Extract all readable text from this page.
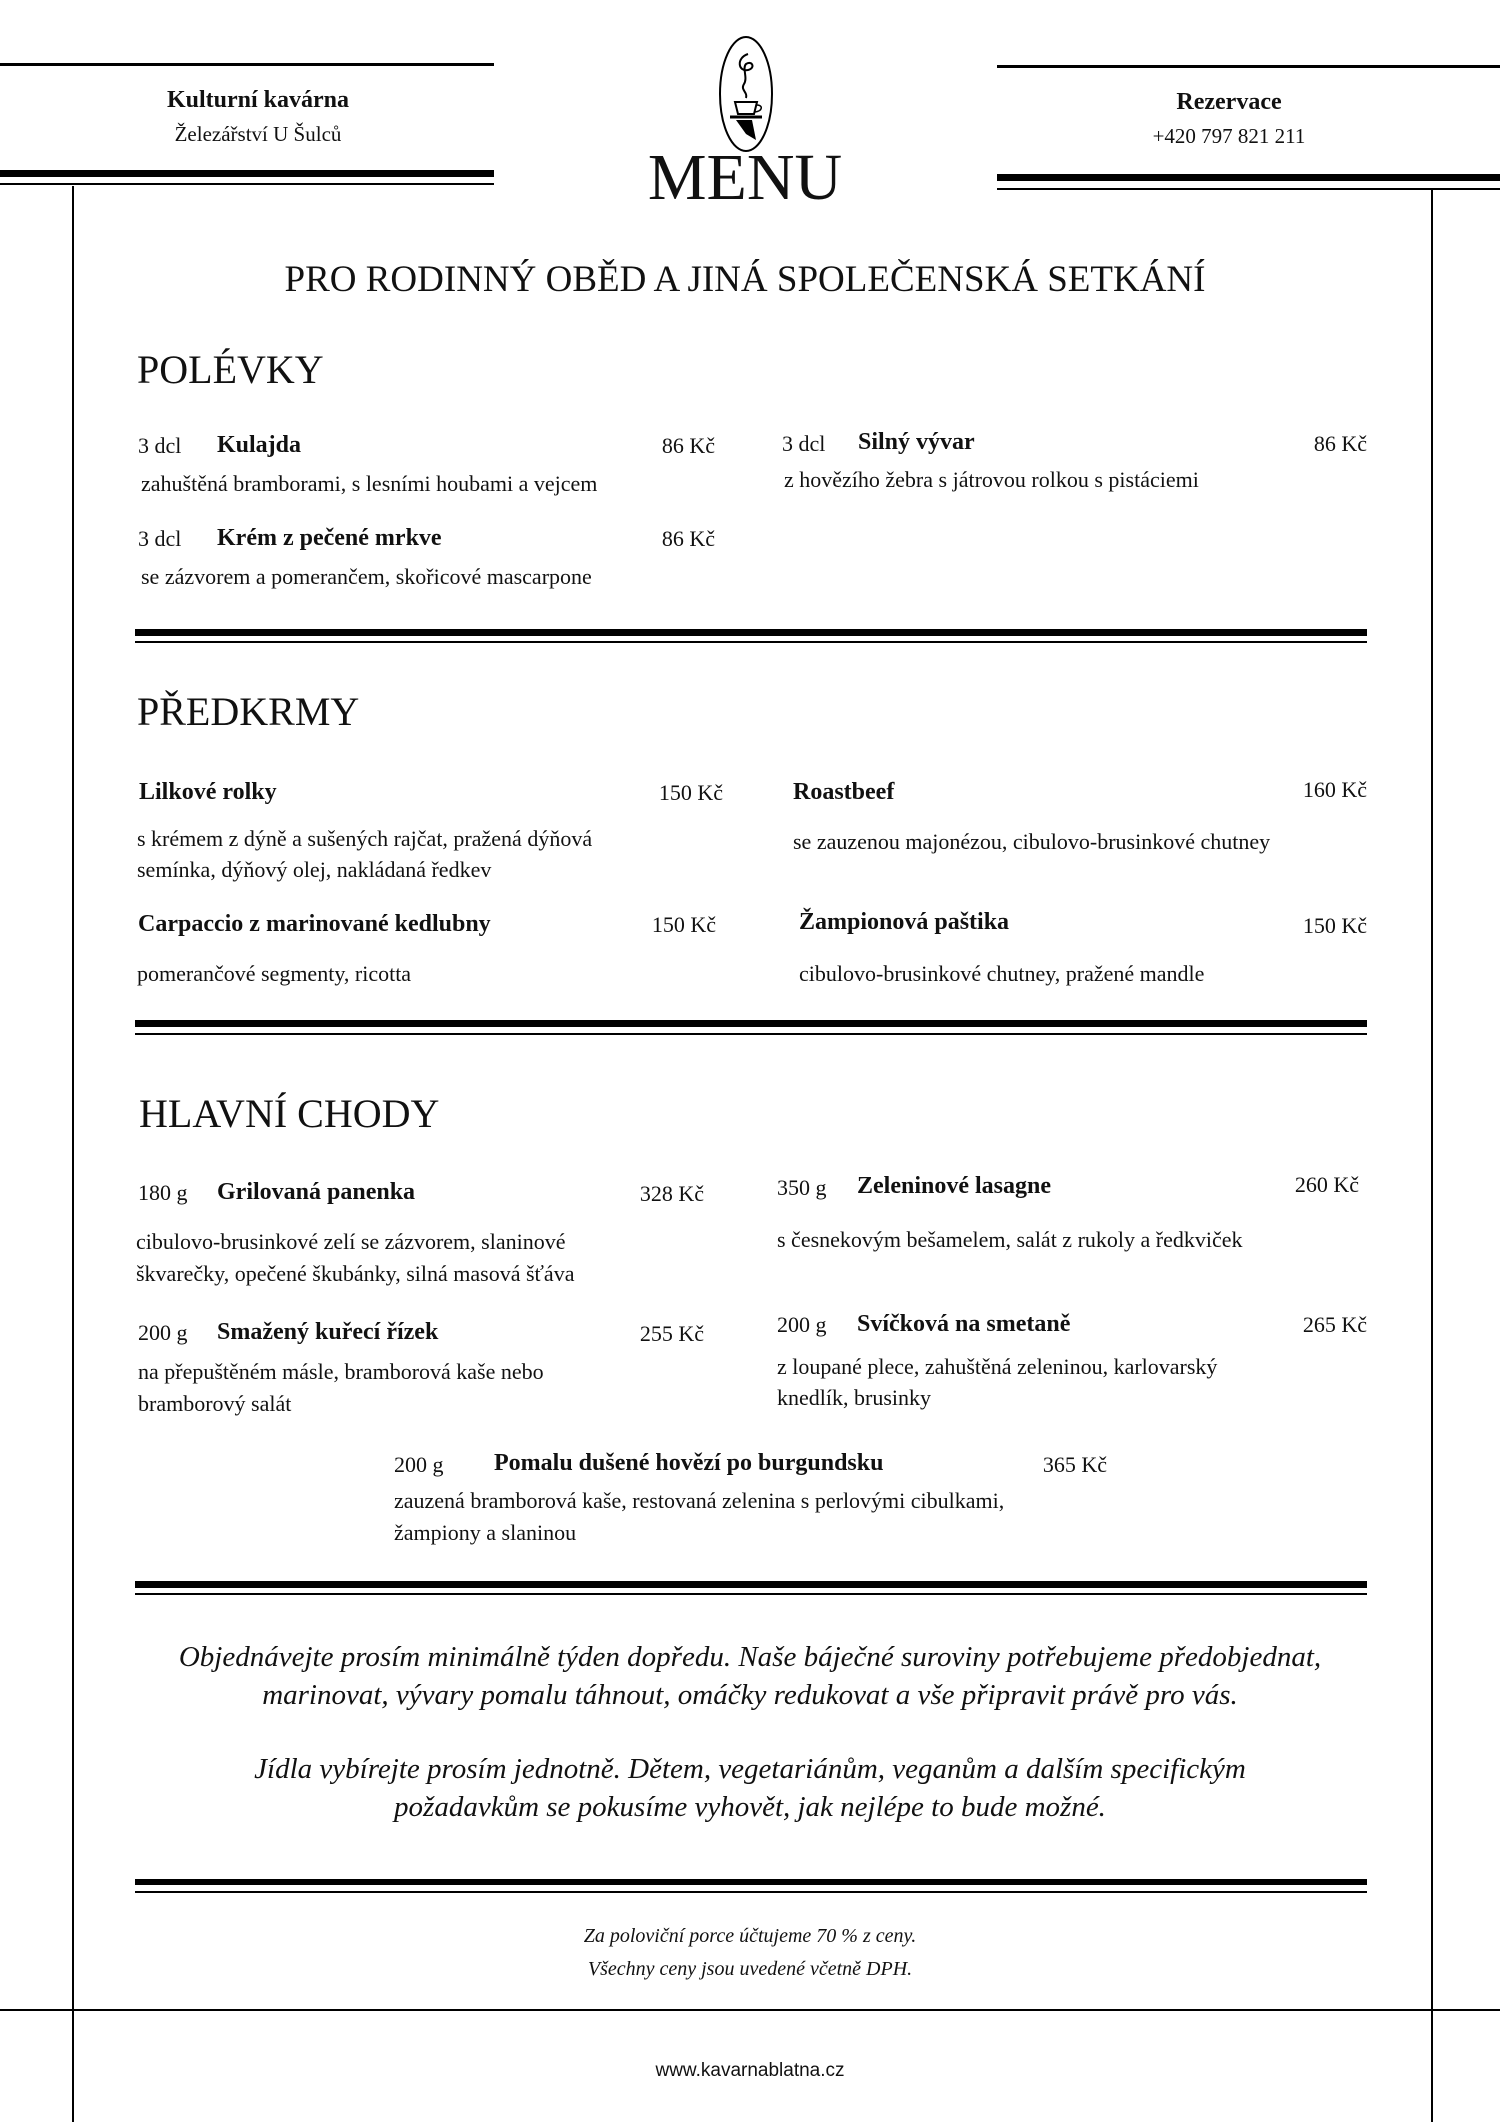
Kulturní kavárna
Železářství U Šulců
Rezervace
+420 797 821 211
MENU
PRO RODINNÝ OBĚD A JINÁ SPOLEČENSKÁ SETKÁNÍ
POLÉVKY
3 dcl Kulajda	86 Kč
zahuštěná bramborami, s lesními houbami a vejcem
3 dcl Silný vývar	86 Kč
z hovězího žebra s játrovou rolkou s pistáciemi
3 dcl Krém z pečené mrkve	86 Kč
se zázvorem a pomerančem, skořicové mascarpone
PŘEDKRMY
Lilkové rolky	150 Kč
s krémem z dýně a sušených rajčat, pražená dýňová
semínka, dýňový olej, nakládaná ředkev
Roastbeef	160 Kč
se zauzenou majonézou, cibulovo-brusinkové chutney
Carpaccio z marinované kedlubny	150 Kč
pomerančové segmenty, ricotta
Žampionová paštika	150 Kč
cibulovo-brusinkové chutney, pražené mandle
HLAVNÍ CHODY
180 g Grilovaná panenka	328 Kč
cibulovo-brusinkové zelí se zázvorem, slaninové
škvarečky, opečené škubánky, silná masová šťáva
350 g Zeleninové lasagne	260 Kč
s česnekovým bešamelem, salát z rukoly a ředkviček
200 g Smažený kuřecí řízek	255 Kč
na přepuštěném másle, bramborová kaše nebo
bramborový salát
200 g Svíčková na smetaně	265 Kč
z loupané plece, zahuštěná zeleninou, karlovarský
knedlík, brusinky
200 g Pomalu dušené hovězí po burgundsku	365 Kč
zauzená bramborová kaše, restovaná zelenina s perlovými cibulkami,
žampiony a slaninou
Objednávejte prosím minimálně týden dopředu. Naše báječné suroviny potřebujeme předobjednat,
marinovat, vývary pomalu táhnout, omáčky redukovat a vše připravit právě pro vás.
Jídla vybírejte prosím jednotně. Dětem, vegetariánům, veganům a dalším specifickým
požadavkům se pokusíme vyhovět, jak nejlépe to bude možné.
Za poloviční porce účtujeme 70 % z ceny.
Všechny ceny jsou uvedené včetně DPH.
www.kavarnablatna.cz
